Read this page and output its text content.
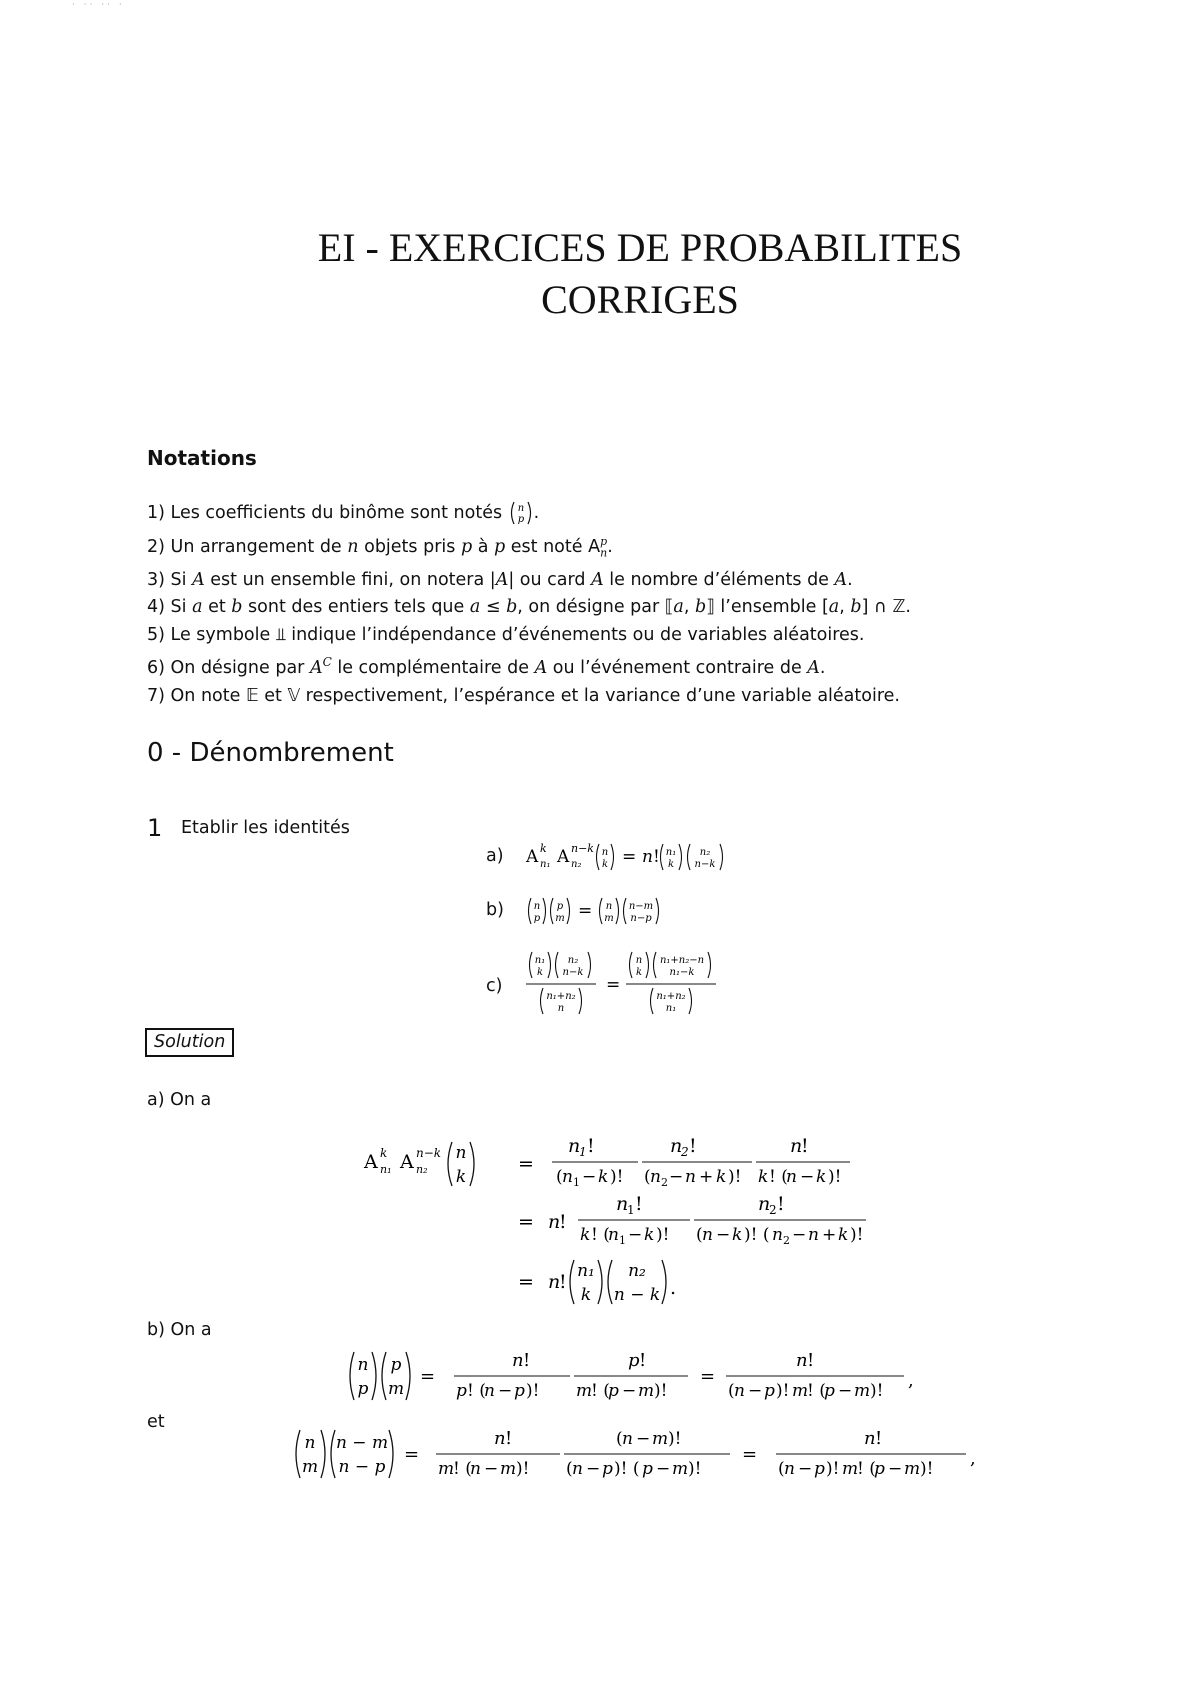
· ·· ·· ·
EI - EXERCICES DE PROBABILITES
CORRIGES
Notations
1) Les coefficients du binôme sont notés n
p .
2) Un arrangement de n objets pris p à p est noté $A_n^p$.
3) Si A est un ensemble fini, on notera |A| ou card A le nombre d’éléments de A.
4) Si a et b sont des entiers tels que a ≤ b, on désigne par ⟦a, b⟧ l’ensemble [a, b] ∩ ℤ.
5) Le symbole ⫫ indique l’indépendance d’événements ou de variables aléatoires.
6) On désigne par $A^C$ le complémentaire de A ou l’événement contraire de A.
7) On note 𝔼 et 𝕍 respectivement, l’espérance et la variance d’une variable aléatoire.
0 - Dénombrement
1 Etablir les identités
a) A k
n₁ A n−k
n₂
n
k = n ! n₁
k
n₂
n−k
b)	n
p
p
m = n
m
n−m
n−p
c)
n₁
k
n₂
n−k
n₁+n₂
n
=
n
k
n₁+n₂−n
n₁−k
n₁+n₂
n₁
Solution
a) On a
A k
n₁ A n−k
n₂
n
k
=
n
1 !
( n 1 − k )!
n
2 !
( n 2 − n + k )!
n
!
k ! (
n − k )!
= n
!
n
1 !
k ! (
n 1 − k )!
n
2 !
( n − k )! ( n 2 − n + k )!
= n
! n₁
k
n₂
n − k .
b) On a
n
p
p
m
=
n !
p ! (
n − p )!
p !
m
! (
p − m )!
=
n !
( n − p )! m
! (
p − m )! ,
et
n
m
n − m
n − p
=
n !
m
! (
n − m )!
( n − m )!
( n − p )! ( p − m )!
=
n !
( n − p )! m
! (
p − m )! ,
